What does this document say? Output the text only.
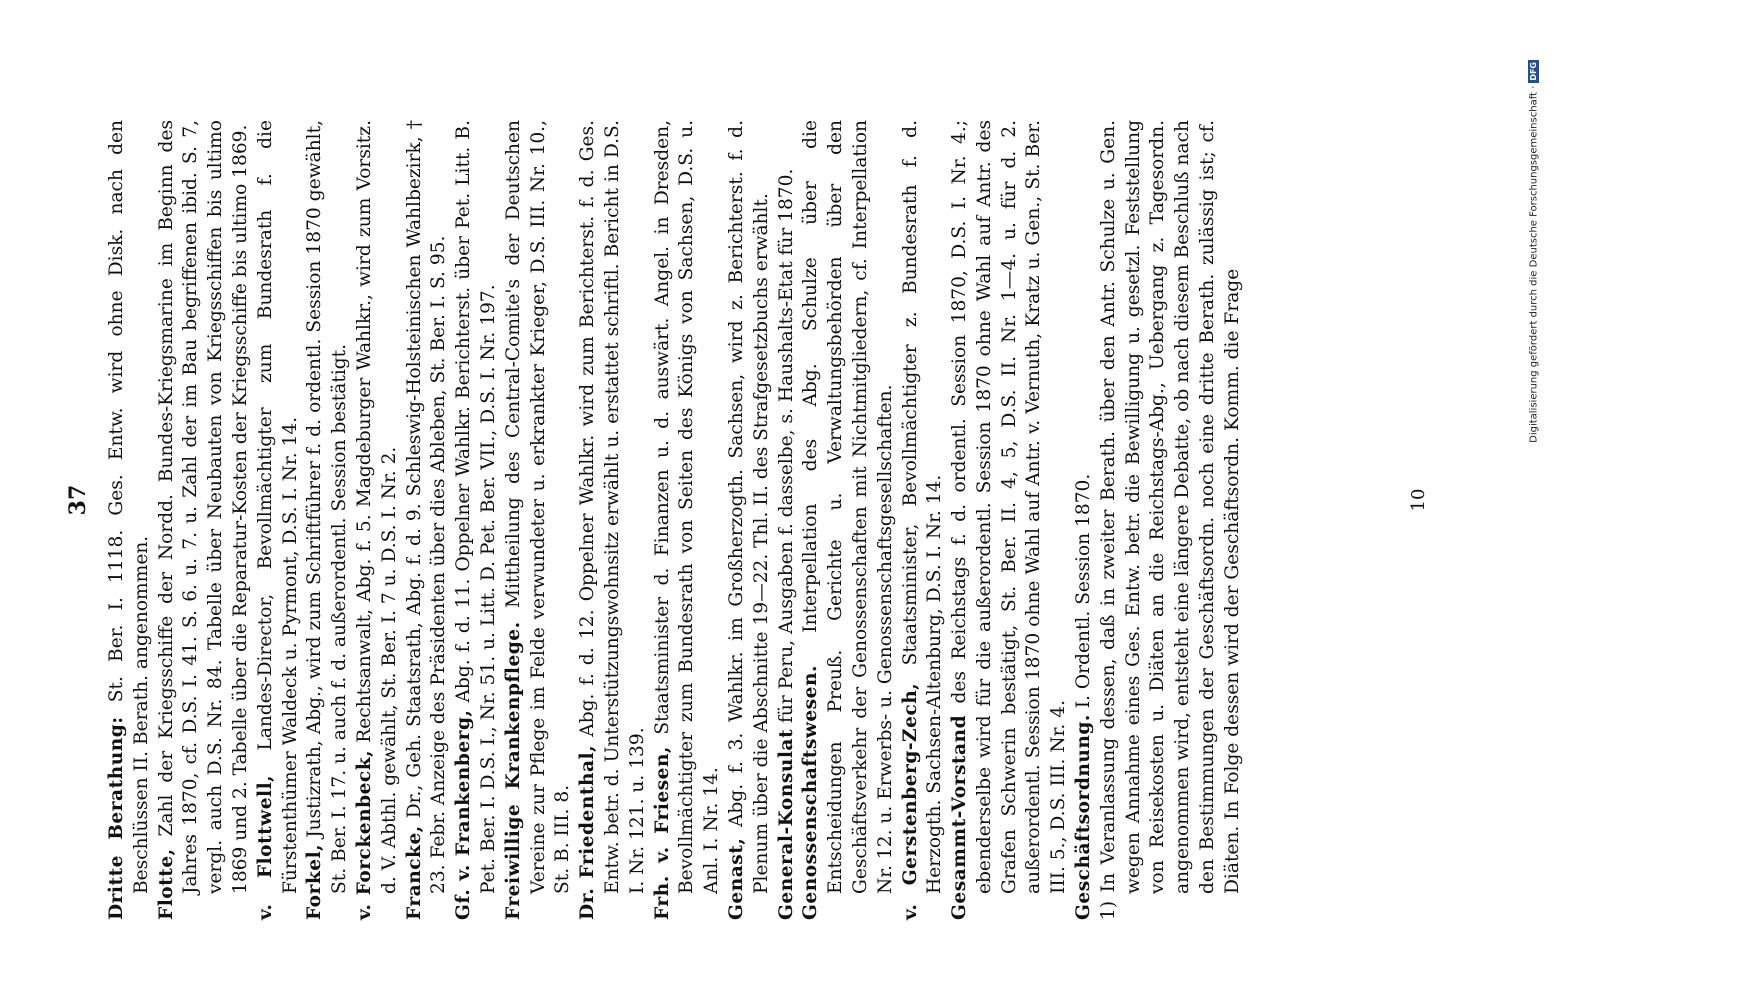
37

Dritte Berathung: St. Ber. I. 1118. Ges. Entw. wird ohne Disk. nach den Beschlüssen II. Berath. angenommen. Flotte, Zahl der Kriegsschiffe der Nordd. Bundes-Kriegsmarine im Beginn des Jahres 1870, cf. D.S. I. 41. S. 6. u. 7. u. Zahl der im Bau begriffenen ibid. S. 7, vergl. auch D.S. Nr. 84. Tabelle über Neubauten von Kriegsschiffen bis ultimo 1869 und 2. Tabelle über die Reparatur-Kosten der Kriegsschiffe bis ultimo 1869. v. Flottwell, Landes-Director, Bevollmächtigter zum Bundesrath f. die Fürstenthümer Waldeck u. Pyrmont, D.S. I. Nr. 14. Forkel, Justizrath, Abg., wird zum Schriftführer f. d. ordentl. Session 1870 gewählt, St. Ber. I. 17. u. auch f. d. außerordentl. Session bestätigt. v. Forckenbeck, Rechtsanwalt, Abg. f. 5. Magdeburger Wahlkr., wird zum Vorsitz. d. V. Abthl. gewählt, St. Ber. I. 7 u. D.S. I. Nr. 2. Francke, Dr., Geh. Staatsrath, Abg. f. d. 9. Schleswig-Holsteinischen Wahlbezirk, † 23. Febr. Anzeige des Präsidenten über dies Ableben, St. Ber. I. S. 95. Gf. v. Frankenberg, Abg. f. d. 11. Oppelner Wahlkr. Berichterst. über Pet. Litt. B. Pet. Ber. I. D.S. I., Nr. 51. u. Litt. D. Pet. Ber. VII., D.S. I. Nr. 197. Freiwillige Krankenpflege. Mittheilung des Central-Comite's der Deutschen Vereine zur Pflege im Felde verwundeter u. erkrankter Krieger, D.S. III. Nr. 10., St. B. III. 8. Dr. Friedenthal, Abg. f. d. 12. Oppelner Wahlkr. wird zum Berichterst. f. d. Ges. Entw. betr. d. Unterstützungswohnsitz erwählt u. erstattet schriftl. Bericht in D.S. I. Nr. 121. u. 139. Frh. v. Friesen, Staatsminister d. Finanzen u. d. auswärt. Angel. in Dresden, Bevollmächtigter zum Bundesrath von Seiten des Königs von Sachsen, D.S. u. Anl. I. Nr. 14. Genast, Abg. f. 3. Wahlkr. im Großherzogth. Sachsen, wird z. Berichterst. f. d. Plenum über die Abschnitte 19—22. Thl. II. des Strafgesetzbuchs erwählt. General-Konsulat für Peru, Ausgaben f. dasselbe, s. Haushalts-Etat für 1870.

Genossenschaftswesen. Interpellation des Abg. Schulze über die Entscheidungen Preuß. Gerichte u. Verwaltungsbehörden über den Geschäftsverkehr der Genossenschaften mit Nichtmitgliedern, cf. Interpellation Nr. 12. u. Erwerbs- u. Genossenschaftsgesellschaften. v. Gerstenberg-Zech, Staatsminister, Bevollmächtigter z. Bundesrath f. d. Herzogth. Sachsen-Altenburg, D.S. I. Nr. 14. Gesammt-Vorstand des Reichstags f. d. ordentl. Session 1870, D.S. I. Nr. 4.; ebenderselbe wird für die außerordentl. Session 1870 ohne Wahl auf Antr. des Grafen Schwerin bestätigt, St. Ber. II. 4, 5, D.S. II. Nr. 1—4. u. für d. 2. außerordentl. Session 1870 ohne Wahl auf Antr. v. Vernuth, Kratz u. Gen., St. Ber. III. 5., D.S. III. Nr. 4. Geschäftsordnung. I. Ordentl. Session 1870. 1) In Veranlassung dessen, daß in zweiter Berath. über den Antr. Schulze u. Gen. wegen Annahme eines Ges. Entw. betr. die Bewilligung u. gesetzl. Feststellung von Reisekosten u. Diäten an die Reichstags-Abg., Uebergang z. Tagesordn. angenommen wird, entsteht eine längere Debatte, ob nach diesem Beschluß nach den Bestimmungen der Geschäftsordn. noch eine dritte Berath. zulässig ist; cf. Diäten. In Folge dessen wird der Geschäftsordn. Komm. die Frage	10
Digitalisierung gefördert durch die Deutsche Forschungsgemeinschaft ·DFG
